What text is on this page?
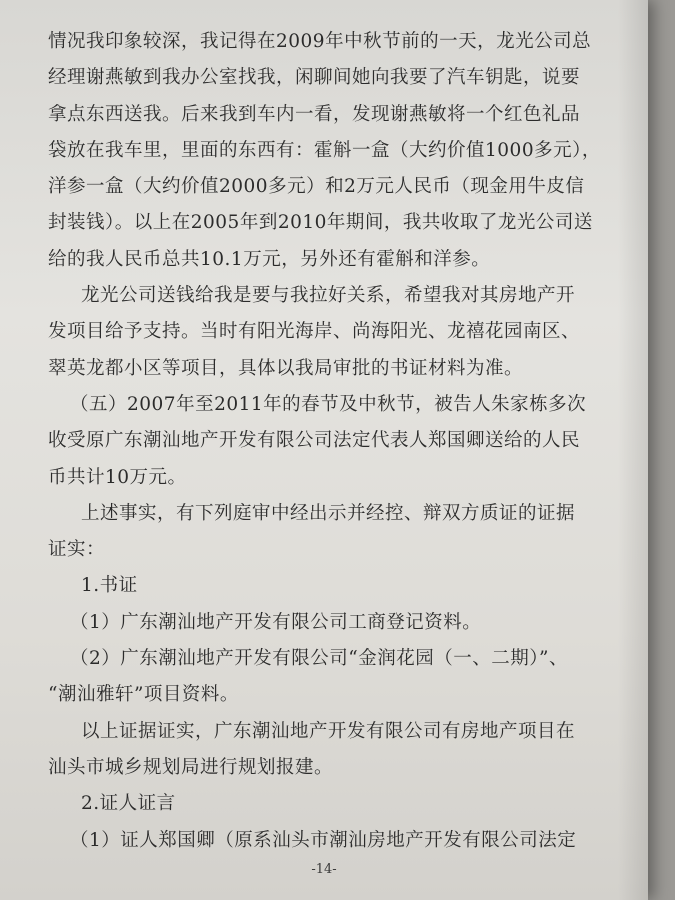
情况我印象较深，我记得在2009年中秋节前的一天，龙光公司总
经理谢燕敏到我办公室找我，闲聊间她向我要了汽车钥匙，说要
拿点东西送我。后来我到车内一看，发现谢燕敏将一个红色礼品
袋放在我车里，里面的东西有：霍斛一盒（大约价值1000多元），
洋参一盒（大约价值2000多元）和2万元人民币（现金用牛皮信
封装钱）。以上在2005年到2010年期间，我共收取了龙光公司送
给的我人民币总共10.1万元，另外还有霍斛和洋参。
龙光公司送钱给我是要与我拉好关系，希望我对其房地产开
发项目给予支持。当时有阳光海岸、尚海阳光、龙禧花园南区、
翠英龙都小区等项目，具体以我局审批的书证材料为准。
（五）2007年至2011年的春节及中秋节，被告人朱家栋多次
收受原广东潮汕地产开发有限公司法定代表人郑国卿送给的人民
币共计10万元。
上述事实，有下列庭审中经出示并经控、辩双方质证的证据
证实：
1.书证
（1）广东潮汕地产开发有限公司工商登记资料。
（2）广东潮汕地产开发有限公司“金润花园（一、二期）”、
“潮汕雅轩”项目资料。
以上证据证实，广东潮汕地产开发有限公司有房地产项目在
汕头市城乡规划局进行规划报建。
2.证人证言
（1）证人郑国卿（原系汕头市潮汕房地产开发有限公司法定
-14-
